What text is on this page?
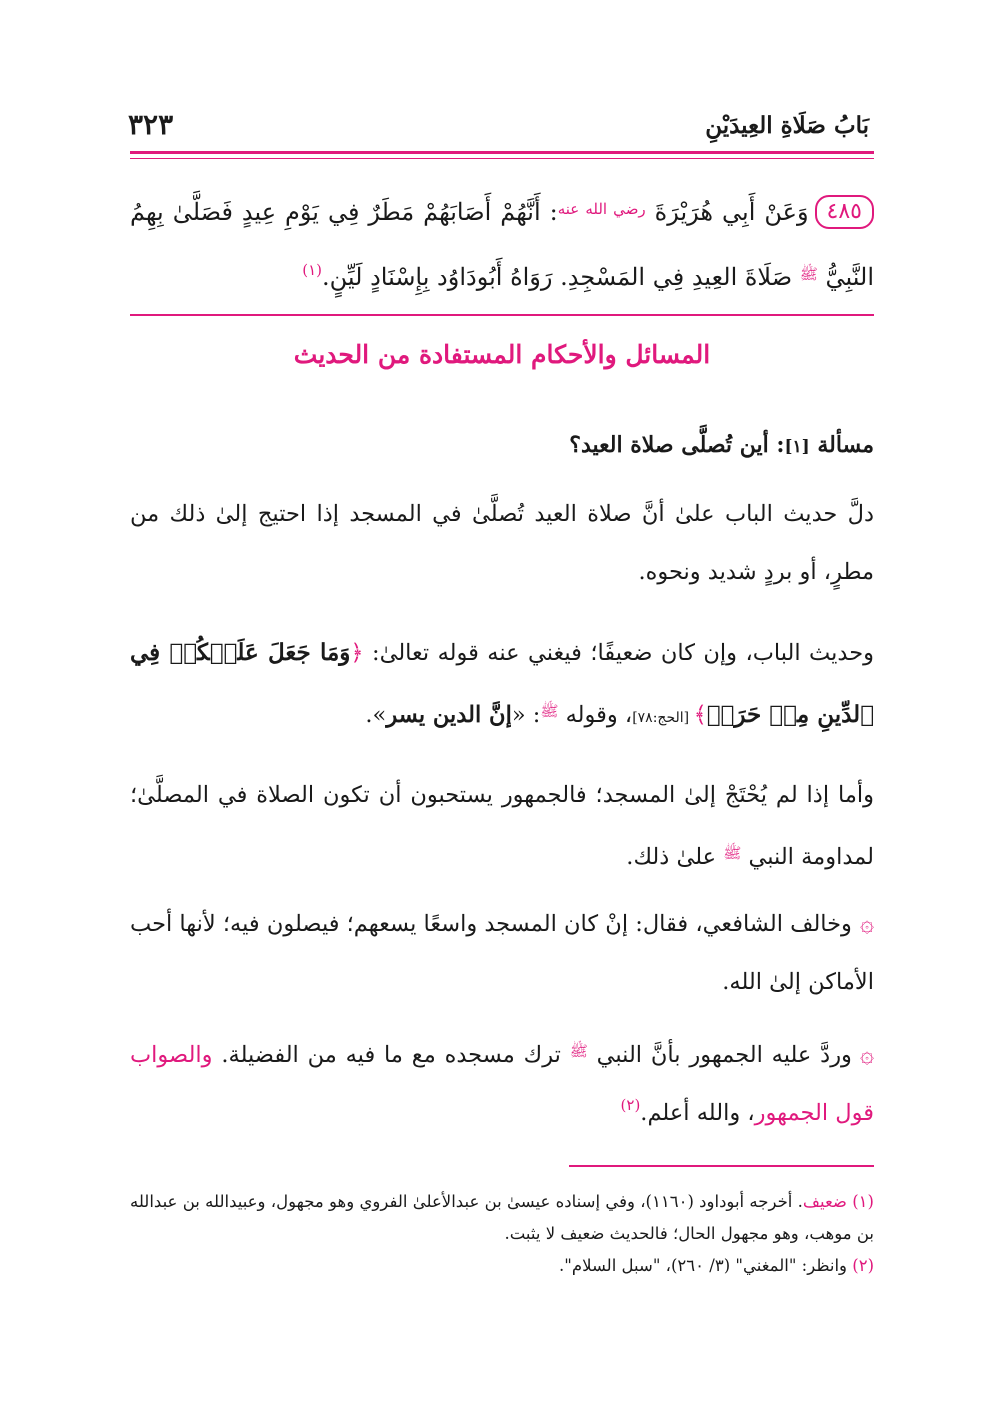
بَابُ صَلَاةِ العِيدَيْنِ
٣٢٣
٤٨٥وَعَنْ أَبِي هُرَيْرَةَ $^{رضي الله عنه}$: أَنَّهُمْ أَصَابَهُمْ مَطَرٌ فِي يَوْمِ عِيدٍ فَصَلَّىٰ بِهِمُ النَّبِيُّ $^ﷺ$ صَلَاةَ العِيدِ فِي المَسْجِدِ. رَوَاهُ أَبُودَاوُد بِإِسْنَادٍ لَيِّنٍ.$^{(١)}$
المسائل والأحكام المستفادة من الحديث
مسألة [١]: أين تُصلَّى صلاة العيد؟
دلَّ حديث الباب علىٰ أنَّ صلاة العيد تُصلَّىٰ في المسجد إذا احتيج إلىٰ ذلك من مطرٍ، أو بردٍ شديد ونحوه.
وحديث الباب، وإن كان ضعيفًا؛ فيغني عنه قوله تعالىٰ: ﴿وَمَا جَعَلَ عَلَيۡكُمۡ فِي ٱلدِّينِ مِنۡ حَرَجٖ﴾ [الحج:٧٨]، وقوله $^ﷺ$: «إنَّ الدين يسر».
وأما إذا لم يُحْتَجْ إلىٰ المسجد؛ فالجمهور يستحبون أن تكون الصلاة في المصلَّىٰ؛ لمداومة النبي $^ﷺ$ علىٰ ذلك.
۞وخالف الشافعي، فقال: إنْ كان المسجد واسعًا يسعهم؛ فيصلون فيه؛ لأنها أحب الأماكن إلىٰ الله.
۞وردَّ عليه الجمهور بأنَّ النبي $^ﷺ$ ترك مسجده مع ما فيه من الفضيلة. والصواب قول الجمهور، والله أعلم.$^{(٢)}$

(١) ضعيف. أخرجه أبوداود (١١٦٠)، وفي إسناده عيسىٰ بن عبدالأعلىٰ الفروي وهو مجهول، وعبيدالله بن عبدالله بن موهب، وهو مجهول الحال؛ فالحديث ضعيف لا يثبت.

(٢) وانظر: "المغني" (٣/ ٢٦٠)، "سبل السلام".
